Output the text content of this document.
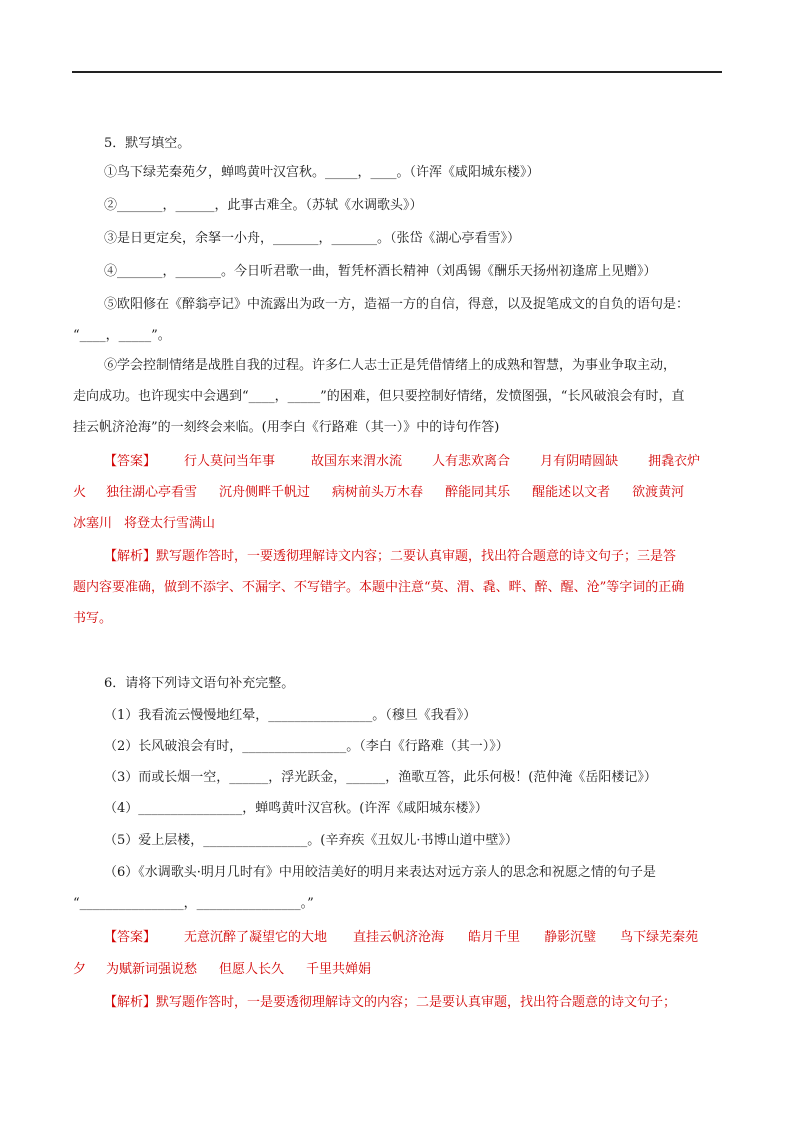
5．默写填空。
①鸟下绿芜秦苑夕，蝉鸣黄叶汉宫秋。_____，____。（许浑《咸阳城东楼》）
②_______，______，此事古难全。（苏轼《水调歌头》）
③是日更定矣，余拏一小舟，_______，_______。（张岱《湖心亭看雪》）
④_______，_______。今日听君歌一曲，暂凭杯酒长精神（刘禹锡《酬乐天扬州初逢席上见赠》）
⑤欧阳修在《醉翁亭记》中流露出为政一方，造福一方的自信，得意，以及捉笔成文的自负的语句是：
“____，_____”。
⑥学会控制情绪是战胜自我的过程。许多仁人志士正是凭借情绪上的成熟和智慧，为事业争取主动，
走向成功。也许现实中会遇到“____，_____”的困难，但只要控制好情绪，发愤图强，“长风破浪会有时，直
挂云帆济沧海”的一刻终会来临。(用李白《行路难（其一）》中的诗句作答)
【答案】 行人莫问当年事	故国东来渭水流 人有悲欢离合 月有阴晴圆缺 拥毳衣炉
火 独往湖心亭看雪 沉舟侧畔千帆过 病树前头万木春 醉能同其乐 醒能述以文者 欲渡黄河
冰塞川 将登太行雪满山
【解析】默写题作答时，一要透彻理解诗文内容；二要认真审题，找出符合题意的诗文句子；三是答
题内容要准确，做到不添字、不漏字、不写错字。本题中注意“莫、渭、毳、畔、醉、醒、沧”等字词的正确
书写。
6．请将下列诗文语句补充完整。
（1）我看流云慢慢地红晕，________________。（穆旦《我看》）
（2）长风破浪会有时，________________。（李白《行路难（其一）》）
（3）而或长烟一空，______，浮光跃金，______，渔歌互答，此乐何极！(范仲淹《岳阳楼记》）
（4）________________，蝉鸣黄叶汉宫秋。(许浑《咸阳城东楼》）
（5）爱上层楼，________________。(辛弃疾《丑奴儿·书博山道中壁》）
（6）《水调歌头·明月几时有》中用皎洁美好的明月来表达对远方亲人的思念和祝愿之情的句子是
“________________，________________。”
【答案】 无意沉醉了凝望它的大地 直挂云帆济沧海 皓月千里 静影沉璧 鸟下绿芜秦苑
夕 为赋新词强说愁 但愿人长久 千里共婵娟
【解析】默写题作答时，一是要透彻理解诗文的内容；二是要认真审题，找出符合题意的诗文句子；
